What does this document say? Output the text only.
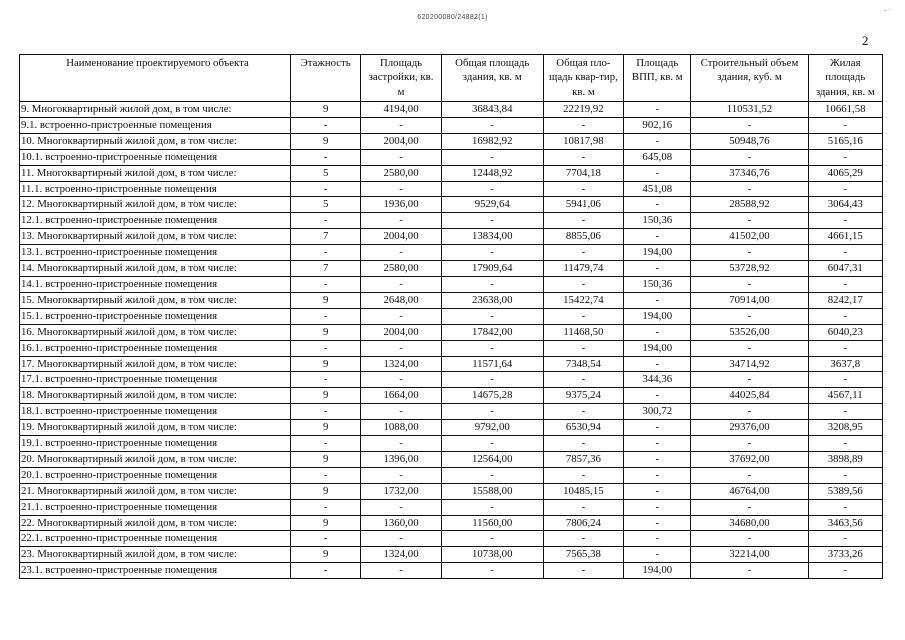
620200080/24882(1)
- ·
2
Наименование проектируемого объекта	Этажность	Площадь застройки, кв. м	Общая площадь здания, кв. м	Общая пло-щадь квар-тир, кв. м	Площадь ВПП, кв. м	Строительный объем здания, куб. м	Жилая площадь здания, кв. м
9. Многоквартирный жилой дом, в том числе:	9	4194,00	36843,84	22219,92	-	110531,52	10661,58
9.1. встроенно-пристроенные помещения	-	-	-	-	902,16	-	-
10. Многоквартирный жилой дом, в том числе:	9	2004,00	16982,92	10817,98	-	50948,76	5165,16
10.1. встроенно-пристроенные помещения	-	-	-	-	645,08	-	-
11. Многоквартирный жилой дом, в том числе:	5	2580,00	12448,92	7704,18	-	37346,76	4065,29
11.1. встроенно-пристроенные помещения	-	-	-	-	451,08	-	-
12. Многоквартирный жилой дом, в том числе:	5	1936,00	9529,64	5941,06	-	28588,92	3064,43
12.1. встроенно-пристроенные помещения	-	-	-	-	150,36	-	-
13. Многоквартирный жилой дом, в том числе:	7	2004,00	13834,00	8855,06	-	41502,00	4661,15
13.1. встроенно-пристроенные помещения	-	-	-	-	194,00	-	-
14. Многоквартирный жилой дом, в том числе:	7	2580,00	17909,64	11479,74	-	53728,92	6047,31
14.1. встроенно-пристроенные помещения	-	-	-	-	150,36	-	-
15. Многоквартирный жилой дом, в том числе:	9	2648,00	23638,00	15422,74	-	70914,00	8242,17
15.1. встроенно-пристроенные помещения	-	-	-	-	194,00	-	-
16. Многоквартирный жилой дом, в том числе:	9	2004,00	17842,00	11468,50	-	53526,00	6040,23
16.1. встроенно-пристроенные помещения	-	-	-	-	194,00	-	-
17. Многоквартирный жилой дом, в том числе:	9	1324,00	11571,64	7348,54	-	34714,92	3637,8
17.1. встроенно-пристроенные помещения	-	-	-	-	344,36	-	-
18. Многоквартирный жилой дом, в том числе:	9	1664,00	14675,28	9375,24	-	44025,84	4567,11
18.1. встроенно-пристроенные помещения	-	-	-	-	300,72	-	-
19. Многоквартирный жилой дом, в том числе:	9	1088,00	9792,00	6530,94	-	29376,00	3208,95
19.1. встроенно-пристроенные помещения	-	-	-	-	-	-	-
20. Многоквартирный жилой дом, в том числе:	9	1396,00	12564,00	7857,36	-	37692,00	3898,89
20.1. встроенно-пристроенные помещения	-	-	-	-	-	-	-
21. Многоквартирный жилой дом, в том числе:	9	1732,00	15588,00	10485,15	-	46764,00	5389,56
21.1. встроенно-пристроенные помещения	-	-	-	-	-	-	-
22. Многоквартирный жилой дом, в том числе:	9	1360,00	11560,00	7806,24	-	34680,00	3463,56
22.1. встроенно-пристроенные помещения	-	-	-	-	-	-	-
23. Многоквартирный жилой дом, в том числе:	9	1324,00	10738,00	7565,38	-	32214,00	3733,26
23.1. встроенно-пристроенные помещения	-	-	-	-	194,00	-	-
